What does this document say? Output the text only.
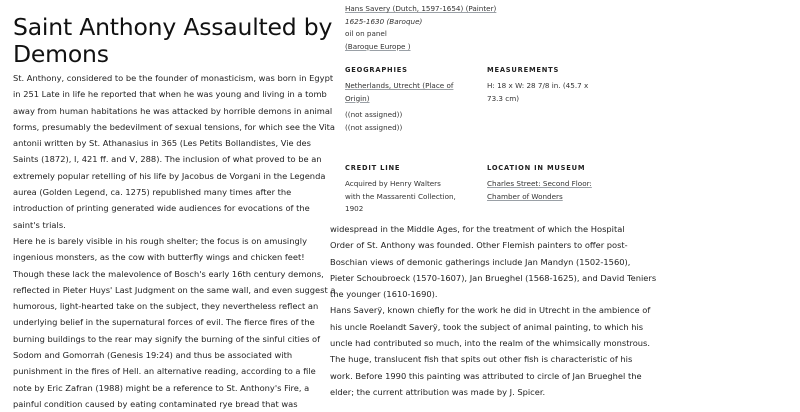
Saint Anthony Assaulted by Demons
St. Anthony, considered to be the founder of monasticism, was born in Egypt
in 251 Late in life he reported that when he was young and living in a tomb
away from human habitations he was attacked by horrible demons in animal
forms, presumably the bedevilment of sexual tensions, for which see the Vita
antonii written by St. Athanasius in 365 (Les Petits Bollandistes, Vie des
Saints (1872), I, 421 ff. and V, 288). The inclusion of what proved to be an
extremely popular retelling of his life by Jacobus de Vorgani in the Legenda
aurea (Golden Legend, ca. 1275) republished many times after the
introduction of printing generated wide audiences for evocations of the
saint's trials.
Here he is barely visible in his rough shelter; the focus is on amusingly
ingenious monsters, as the cow with butterfly wings and chicken feet!
Though these lack the malevolence of Bosch's early 16th century demons,
reflected in Pieter Huys' Last Judgment on the same wall, and even suggest a
humorous, light-hearted take on the subject, they nevertheless reflect an
underlying belief in the supernatural forces of evil. The fierce fires of the
burning buildings to the rear may signify the burning of the sinful cities of
Sodom and Gomorrah (Genesis 19:24) and thus be associated with
punishment in the fires of Hell. an alternative reading, according to a file
note by Eric Zafran (1988) might be a reference to St. Anthony's Fire, a
painful condition caused by eating contaminated rye bread that was
widespread in the Middle Ages, for the treatment of which the Hospital
Order of St. Anthony was founded. Other Flemish painters to offer post-
Boschian views of demonic gatherings include Jan Mandyn (1502-1560),
Pieter Schoubroeck (1570-1607), Jan Brueghel (1568-1625), and David Teniers
the younger (1610-1690).
Hans Saverÿ, known chiefly for the work he did in Utrecht in the ambience of
his uncle Roelandt Saverÿ, took the subject of animal painting, to which his
uncle had contributed so much, into the realm of the whimsically monstrous.
The huge, translucent fish that spits out other fish is characteristic of his
work. Before 1990 this painting was attributed to circle of Jan Brueghel the
elder; the current attribution was made by J. Spicer.
Hans Savery (Dutch, 1597-1654) (Painter)
1625-1630 (Baroque)
oil on panel
(Baroque Europe )
GEOGRAPHIES
Netherlands, Utrecht (Place of
Origin)
((not assigned))
((not assigned))
MEASUREMENTS
H: 18 x W: 28 7/8 in. (45.7 x
73.3 cm)
CREDIT LINE
Acquired by Henry Walters
with the Massarenti Collection,
1902
LOCATION IN MUSEUM
Charles Street: Second Floor:
Chamber of Wonders
